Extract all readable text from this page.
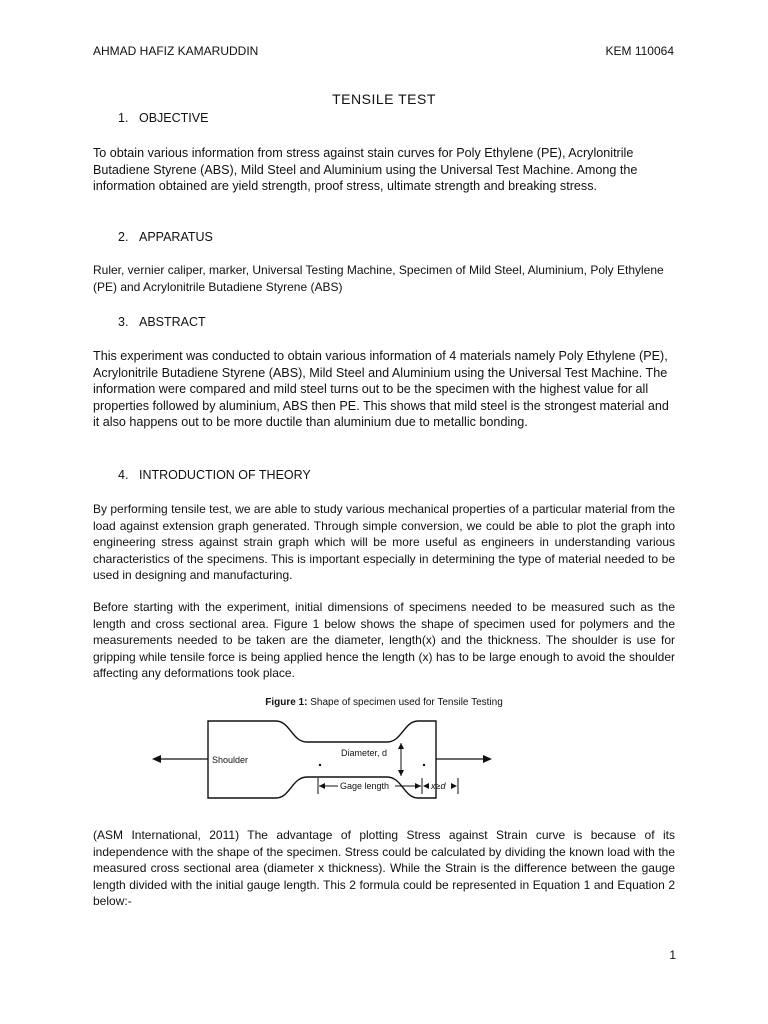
AHMAD HAFIZ KAMARUDDIN	KEM 110064
TENSILE TEST
1. OBJECTIVE
To obtain various information from stress against stain curves for Poly Ethylene (PE), Acrylonitrile Butadiene Styrene (ABS), Mild Steel and Aluminium using the Universal Test Machine. Among the information obtained are yield strength, proof stress, ultimate strength and breaking stress.
2. APPARATUS
Ruler, vernier caliper, marker, Universal Testing Machine, Specimen of Mild Steel, Aluminium, Poly Ethylene (PE) and Acrylonitrile Butadiene Styrene (ABS)
3. ABSTRACT
This experiment was conducted to obtain various information of 4 materials namely Poly Ethylene (PE), Acrylonitrile Butadiene Styrene (ABS), Mild Steel and Aluminium using the Universal Test Machine. The information were compared and mild steel turns out to be the specimen with the highest value for all properties followed by aluminium, ABS then PE. This shows that mild steel is the strongest material and it also happens out to be more ductile than aluminium due to metallic bonding.
4. INTRODUCTION OF THEORY
By performing tensile test, we are able to study various mechanical properties of a particular material from the load against extension graph generated. Through simple conversion, we could be able to plot the graph into engineering stress against strain graph which will be more useful as engineers in understanding various characteristics of the specimens. This is important especially in determining the type of material needed to be used in designing and manufacturing.
Before starting with the experiment, initial dimensions of specimens needed to be measured such as the length and cross sectional area. Figure 1 below shows the shape of specimen used for polymers and the measurements needed to be taken are the diameter, length(x) and the thickness. The shoulder is use for gripping while tensile force is being applied hence the length (x) has to be large enough to avoid the shoulder affecting any deformations took place.
Figure 1: Shape of specimen used for Tensile Testing
Shoulder
Diameter, d
Gage length	x≥d
(ASM International, 2011) The advantage of plotting Stress against Strain curve is because of its independence with the shape of the specimen. Stress could be calculated by dividing the known load with the measured cross sectional area (diameter x thickness). While the Strain is the difference between the gauge length divided with the initial gauge length. This 2 formula could be represented in Equation 1 and Equation 2 below:-
1
